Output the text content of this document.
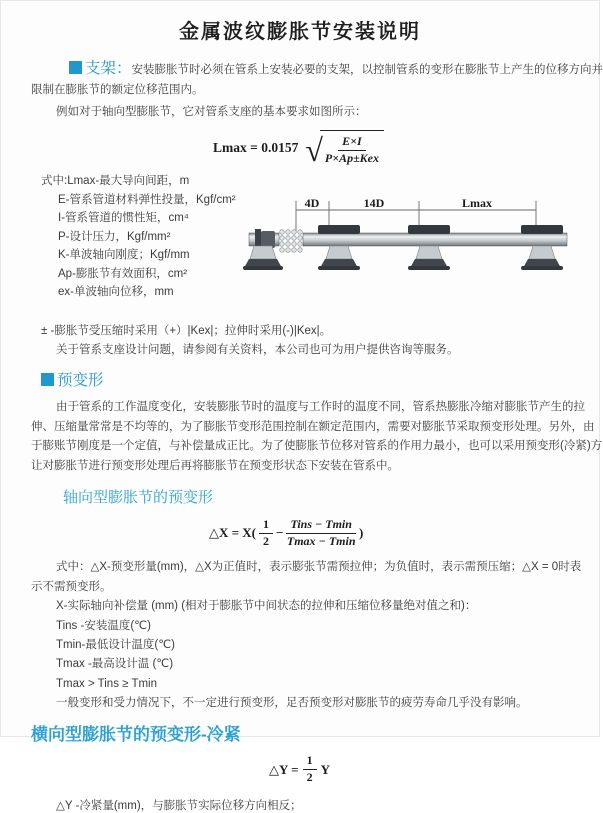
金属波纹膨胀节安装说明
支架：安装膨胀节时必须在管系上安装必要的支架，以控制管系的变形在膨胀节上产生的位移方向并
限制在膨胀节的额定位移范围内。
例如对于轴向型膨胀节，它对管系支座的基本要求如图所示：
Lmax = 0.0157 √ $\frac{E\times I}{\text{P×Ap±Kex}}$
式中:Lmax-最大导向间距，m
E-管系管道材料弹性投量，Kgf/cm²
I-管系管道的惯性矩，cm⁴
P-设计压力，Kgf/mm²
K-单波轴向刚度；Kgf/mm
Ap-膨胀节有效面积，cm²
ex-单波轴向位移，mm
4D	14D	Lmax
± -膨胀节受压缩时采用（+）|Kex|；拉伸时采用(-)|Kex|。
关于管系支座设计问题，请参阅有关资料，本公司也可为用户提供咨询等服务。
预变形
由于管系的工作温度变化，安装膨胀节时的温度与工作时的温度不同，管系热膨胀冷缩对膨胀节产生的拉
伸、压缩量常常是不均等的，为了膨胀节变形范围控制在额定范围内，需要对膨胀节采取预变形处理。另外，由
于膨账节刚度是一个定值，与补偿量成正比。为了使膨胀节位移对管系的作用力最小，也可以采用预变形(冷紧)方
让对膨胀节进行预变形处理后再将膨胀节在预变形状态下安装在管系中。
轴向型膨胀节的预变形
△X = $X( \frac{1}{2} - \frac{\text{Tins − Tmin}}{Tmax - Tmin}$ )
式中：△X-预变形量(mm)，△X为正值时，表示膨张节需预拉伸；为负值时，表示需预压缩；△X = 0时表
示不需预变形。
X-实际轴向补偿量 (mm) (相对于膨胀节中间状态的拉伸和压缩位移量绝对值之和)：
Tins -安装温度(℃)
Tmin-最低设计温度(℃)
Tmax -最高设计温 (℃)
Tmax > Tins ≥ Tmin
一般变形和受力情况下，不一定进行预变形，足否预变形对膨胀节的疲劳寿命几乎没有影响。
横向型膨胀节的预变形-冷紧
△Y = $\frac{1}{2}$ Y
△Y -冷紧量(mm)，与膨胀节实际位移方向相反；
